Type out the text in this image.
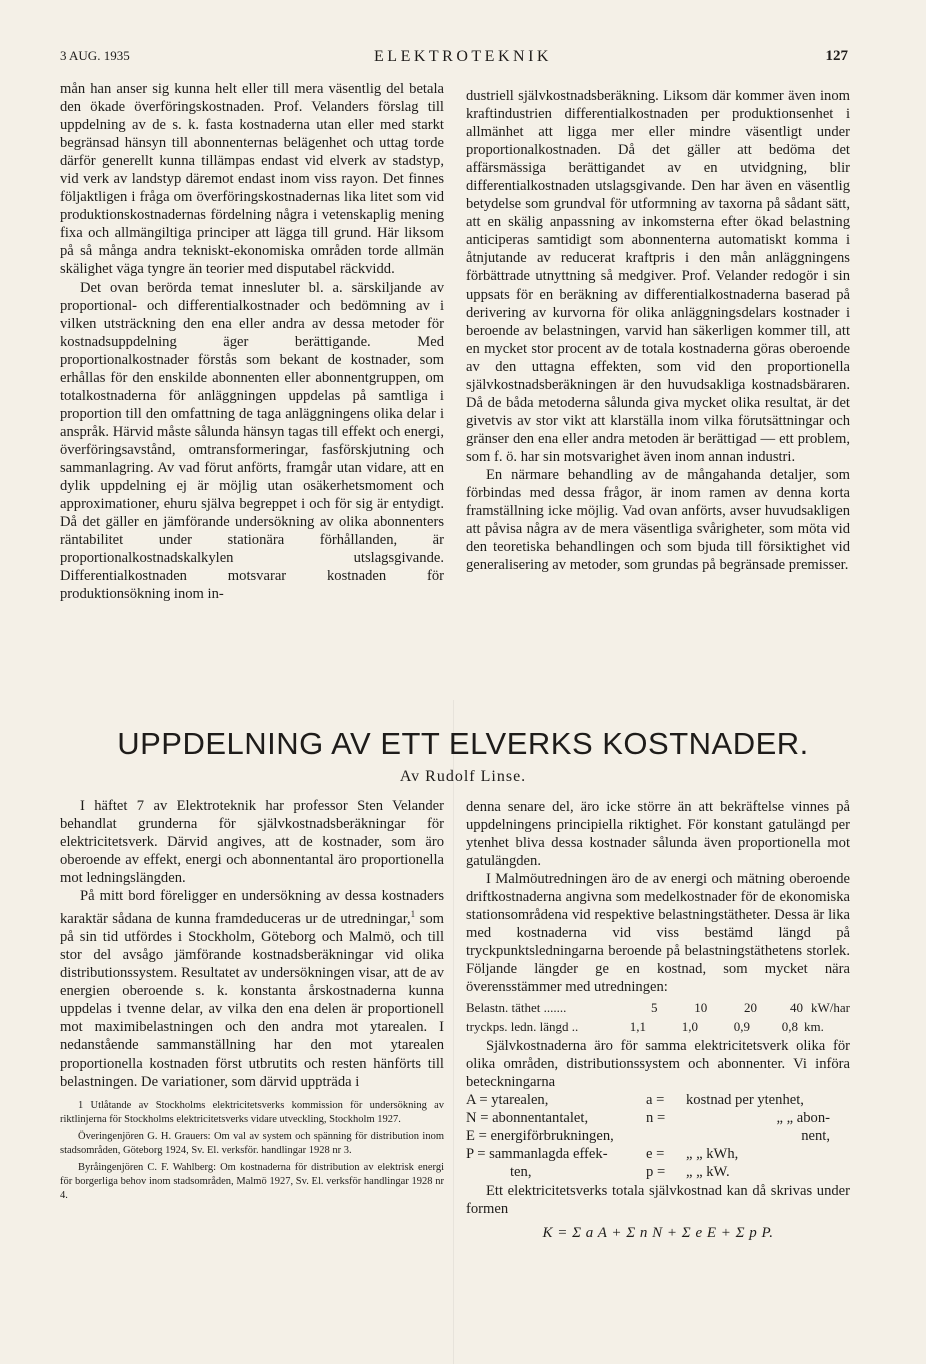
3 AUG. 1935	ELEKTROTEKNIK	127

mån han anser sig kunna helt eller till mera väsentlig del betala den ökade överföringskostnaden. Prof. Velanders förslag till uppdelning av de s. k. fasta kostnaderna utan eller med starkt begränsad hänsyn till abonnenternas belägenhet och uttag torde därför generellt kunna tillämpas endast vid elverk av stadstyp, vid verk av landstyp däremot endast inom viss rayon. Det finnes följaktligen i fråga om överföringskostnadernas lika litet som vid produktionskostnadernas fördelning några i vetenskaplig mening fixa och allmängiltiga principer att lägga till grund. Här liksom på så många andra tekniskt-ekonomiska områden torde allmän skälighet väga tyngre än teorier med disputabel räckvidd.

Det ovan berörda temat innesluter bl. a. särskiljande av proportional- och differentialkostnader och bedömning av i vilken utsträckning den ena eller andra av dessa metoder för kostnadsuppdelning äger berättigande. Med proportionalkostnader förstås som bekant de kostnader, som erhållas för den enskilde abonnenten eller abonnentgruppen, om totalkostnaderna för anläggningen uppdelas på samtliga i proportion till den omfattning de taga anläggningens olika delar i anspråk. Härvid måste sålunda hänsyn tagas till effekt och energi, överföringsavstånd, omtransformeringar, fasförskjutning och sammanlagring. Av vad förut anförts, framgår utan vidare, att en dylik uppdelning ej är möjlig utan osäkerhetsmoment och approximationer, ehuru själva begreppet i och för sig är entydigt. Då det gäller en jämförande undersökning av olika abonnenters räntabilitet under stationära förhållanden, är proportionalkostnadskalkylen utslagsgivande. Differentialkostnaden motsvarar kostnaden för produktionsökning inom in-

dustriell självkostnadsberäkning. Liksom där kommer även inom kraftindustrien differentialkostnaden per produktionsenhet i allmänhet att ligga mer eller mindre väsentligt under proportionalkostnaden. Då det gäller att bedöma det affärsmässiga berättigandet av en utvidgning, blir differentialkostnaden utslagsgivande. Den har även en väsentlig betydelse som grundval för utformning av taxorna på sådant sätt, att en skälig anpassning av inkomsterna efter ökad belastning anticiperas samtidigt som abonnenterna automatiskt komma i åtnjutande av reducerat kraftpris i den mån anläggningens förbättrade utnyttning så medgiver. Prof. Velander redogör i sin uppsats för en beräkning av differentialkostnaderna baserad på derivering av kurvorna för olika anläggningsdelars kostnader i beroende av belastningen, varvid han säkerligen kommer till, att en mycket stor procent av de totala kostnaderna göras oberoende av den uttagna effekten, som vid den proportionella självkostnadsberäkningen är den huvudsakliga kostnadsbäraren. Då de båda metoderna sålunda giva mycket olika resultat, är det givetvis av stor vikt att klarställa inom vilka förutsättningar och gränser den ena eller andra metoden är berättigad — ett problem, som f. ö. har sin motsvarighet även inom annan industri.

En närmare behandling av de mångahanda detaljer, som förbindas med dessa frågor, är inom ramen av denna korta framställning icke möjlig. Vad ovan anförts, avser huvudsakligen att påvisa några av de mera väsentliga svårigheter, som möta vid den teoretiska behandlingen och som bjuda till försiktighet vid generalisering av metoder, som grundas på begränsade premisser.

UPPDELNING AV ETT ELVERKS KOSTNADER.
Av Rudolf Linse.

I häftet 7 av Elektroteknik har professor Sten Velander behandlat grunderna för självkostnadsberäkningar för elektricitetsverk. Därvid angives, att de kostnader, som äro oberoende av effekt, energi och abonnentantal äro proportionella mot ledningslängden.

På mitt bord föreligger en undersökning av dessa kostnaders karaktär sådana de kunna framdeduceras ur de utredningar,$^1$ som på sin tid utfördes i Stockholm, Göteborg och Malmö, och till stor del avsågo jämförande kostnadsberäkningar vid olika distributionssystem. Resultatet av undersökningen visar, att de av energien oberoende s. k. konstanta årskostnaderna kunna uppdelas i tvenne delar, av vilka den ena delen är proportionell mot maximibelastningen och den andra mot ytarealen. I nedanstående sammanställning har den mot ytarealen proportionella kostnaden först utbrutits och resten hänförts till belastningen. De variationer, som därvid uppträda i

1 Utlåtande av Stockholms elektricitetsverks kommission för undersökning av riktlinjerna för Stockholms elektricitetsverks vidare utveckling, Stockholm 1927.

Överingenjören G. H. Grauers: Om val av system och spänning för distribution inom stadsområden, Göteborg 1924, Sv. El. verksför. handlingar 1928 nr 3.

Byråingenjören C. F. Wahlberg: Om kostnaderna för distribution av elektrisk energi för borgerliga behov inom stadsområden, Malmö 1927, Sv. El. verksför handlingar 1928 nr 4.

denna senare del, äro icke större än att bekräftelse vinnes på uppdelningens principiella riktighet. För konstant gatulängd per ytenhet bliva dessa kostnader sålunda även proportionella mot gatulängden.

I Malmöutredningen äro de av energi och mätning oberoende driftkostnaderna angivna som medelkostnader för de ekonomiska stationsområdena vid respektive belastningstätheter. Dessa är lika med kostnaderna vid viss bestämd längd på tryckpunktsledningarna beroende på belastningstäthetens storlek. Följande längder ge en kostnad, som mycket nära överensstämmer med utredningen:

Belastn. täthet .......	5	10	20	40 kW/har
tryckps. ledn. längd ..	1,1	1,0	0,9	0,8 km.

Självkostnaderna äro för samma elektricitetsverk olika för olika områden, distributionssystem och abonnenter. Vi införa beteckningarna

A = ytarealen,	a =	kostnad per ytenhet,
N = abonnentantalet,	n =	„ „ abon-
E = energiförbrukningen,	nent,
P = sammanlagda effek-	e =	„ „ kWh,
ten,	p =	„ „ kW.

Ett elektricitetsverks totala självkostnad kan då skrivas under formen

K = Σ a A + Σ n N + Σ e E + Σ p P.
